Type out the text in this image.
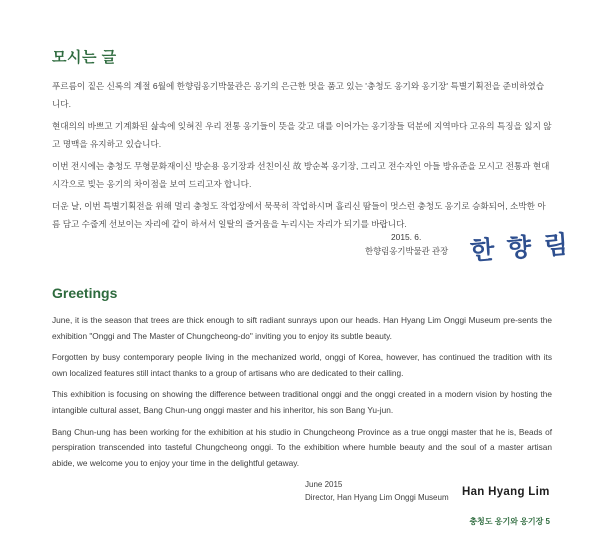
모시는 글

푸르름이 짙은 신록의 계절 6월에 한향림옹기박물관은 옹기의 은근한 멋을 품고 있는 '충청도 옹기와 옹기장' 특별기획전을 준비하였습니다.

현대의의 바쁘고 기계화된 삶속에 잊혀진 우리 전통 옹기들이 뜻을 갖고 대를 이어가는 옹기장들 덕분에 지역마다 고유의 특징을 잃지 않고 명맥을 유지하고 있습니다.

이번 전시에는 충청도 무형문화재이신 방순용 옹기장과 선친이신 故 방순복 옹기장, 그리고 전수자인 아들 방유준을 모시고 전통과 현대 시각으로 빚는 옹기의 차이점을 보여 드리고자 합니다.

더운 날, 이번 특별기획전을 위해 멀리 충청도 작업장에서 묵묵히 작업하시며 흘리신 땀들이 멋스런 충청도 옹기로 승화되어, 소박한 아름 담고 수줍게 선보이는 자리에 같이 하셔서 일탈의 즐거움을 누리시는 자리가 되기를 바랍니다.

2015. 6.
한향림옹기박물관 관장 한 향 림
Greetings

June, it is the season that trees are thick enough to sift radiant sunrays upon our heads. Han Hyang Lim Onggi Museum pre-sents the exhibition "Onggi and The Master of Chungcheong-do" inviting you to enjoy its subtle beauty.

Forgotten by busy contemporary people living in the mechanized world, onggi of Korea, however, has continued the tradition with its own localized features still intact thanks to a group of artisans who are dedicated to their calling.

This exhibition is focusing on showing the difference between traditional onggi and the onggi created in a modern vision by hosting the intangible cultural asset, Bang Chun-ung onggi master and his inheritor, his son Bang Yu-jun.

Bang Chun-ung has been working for the exhibition at his studio in Chungcheong Province as a true onggi master that he is, Beads of perspiration transcended into tasteful Chungcheong onggi. To the exhibition where humble beauty and the soul of a master artisan abide, we welcome you to enjoy your time in the delightful getaway.

June 2015
Director, Han Hyang Lim Onggi Museum Han Hyang Lim
충청도 옹기와 옹기장 5
